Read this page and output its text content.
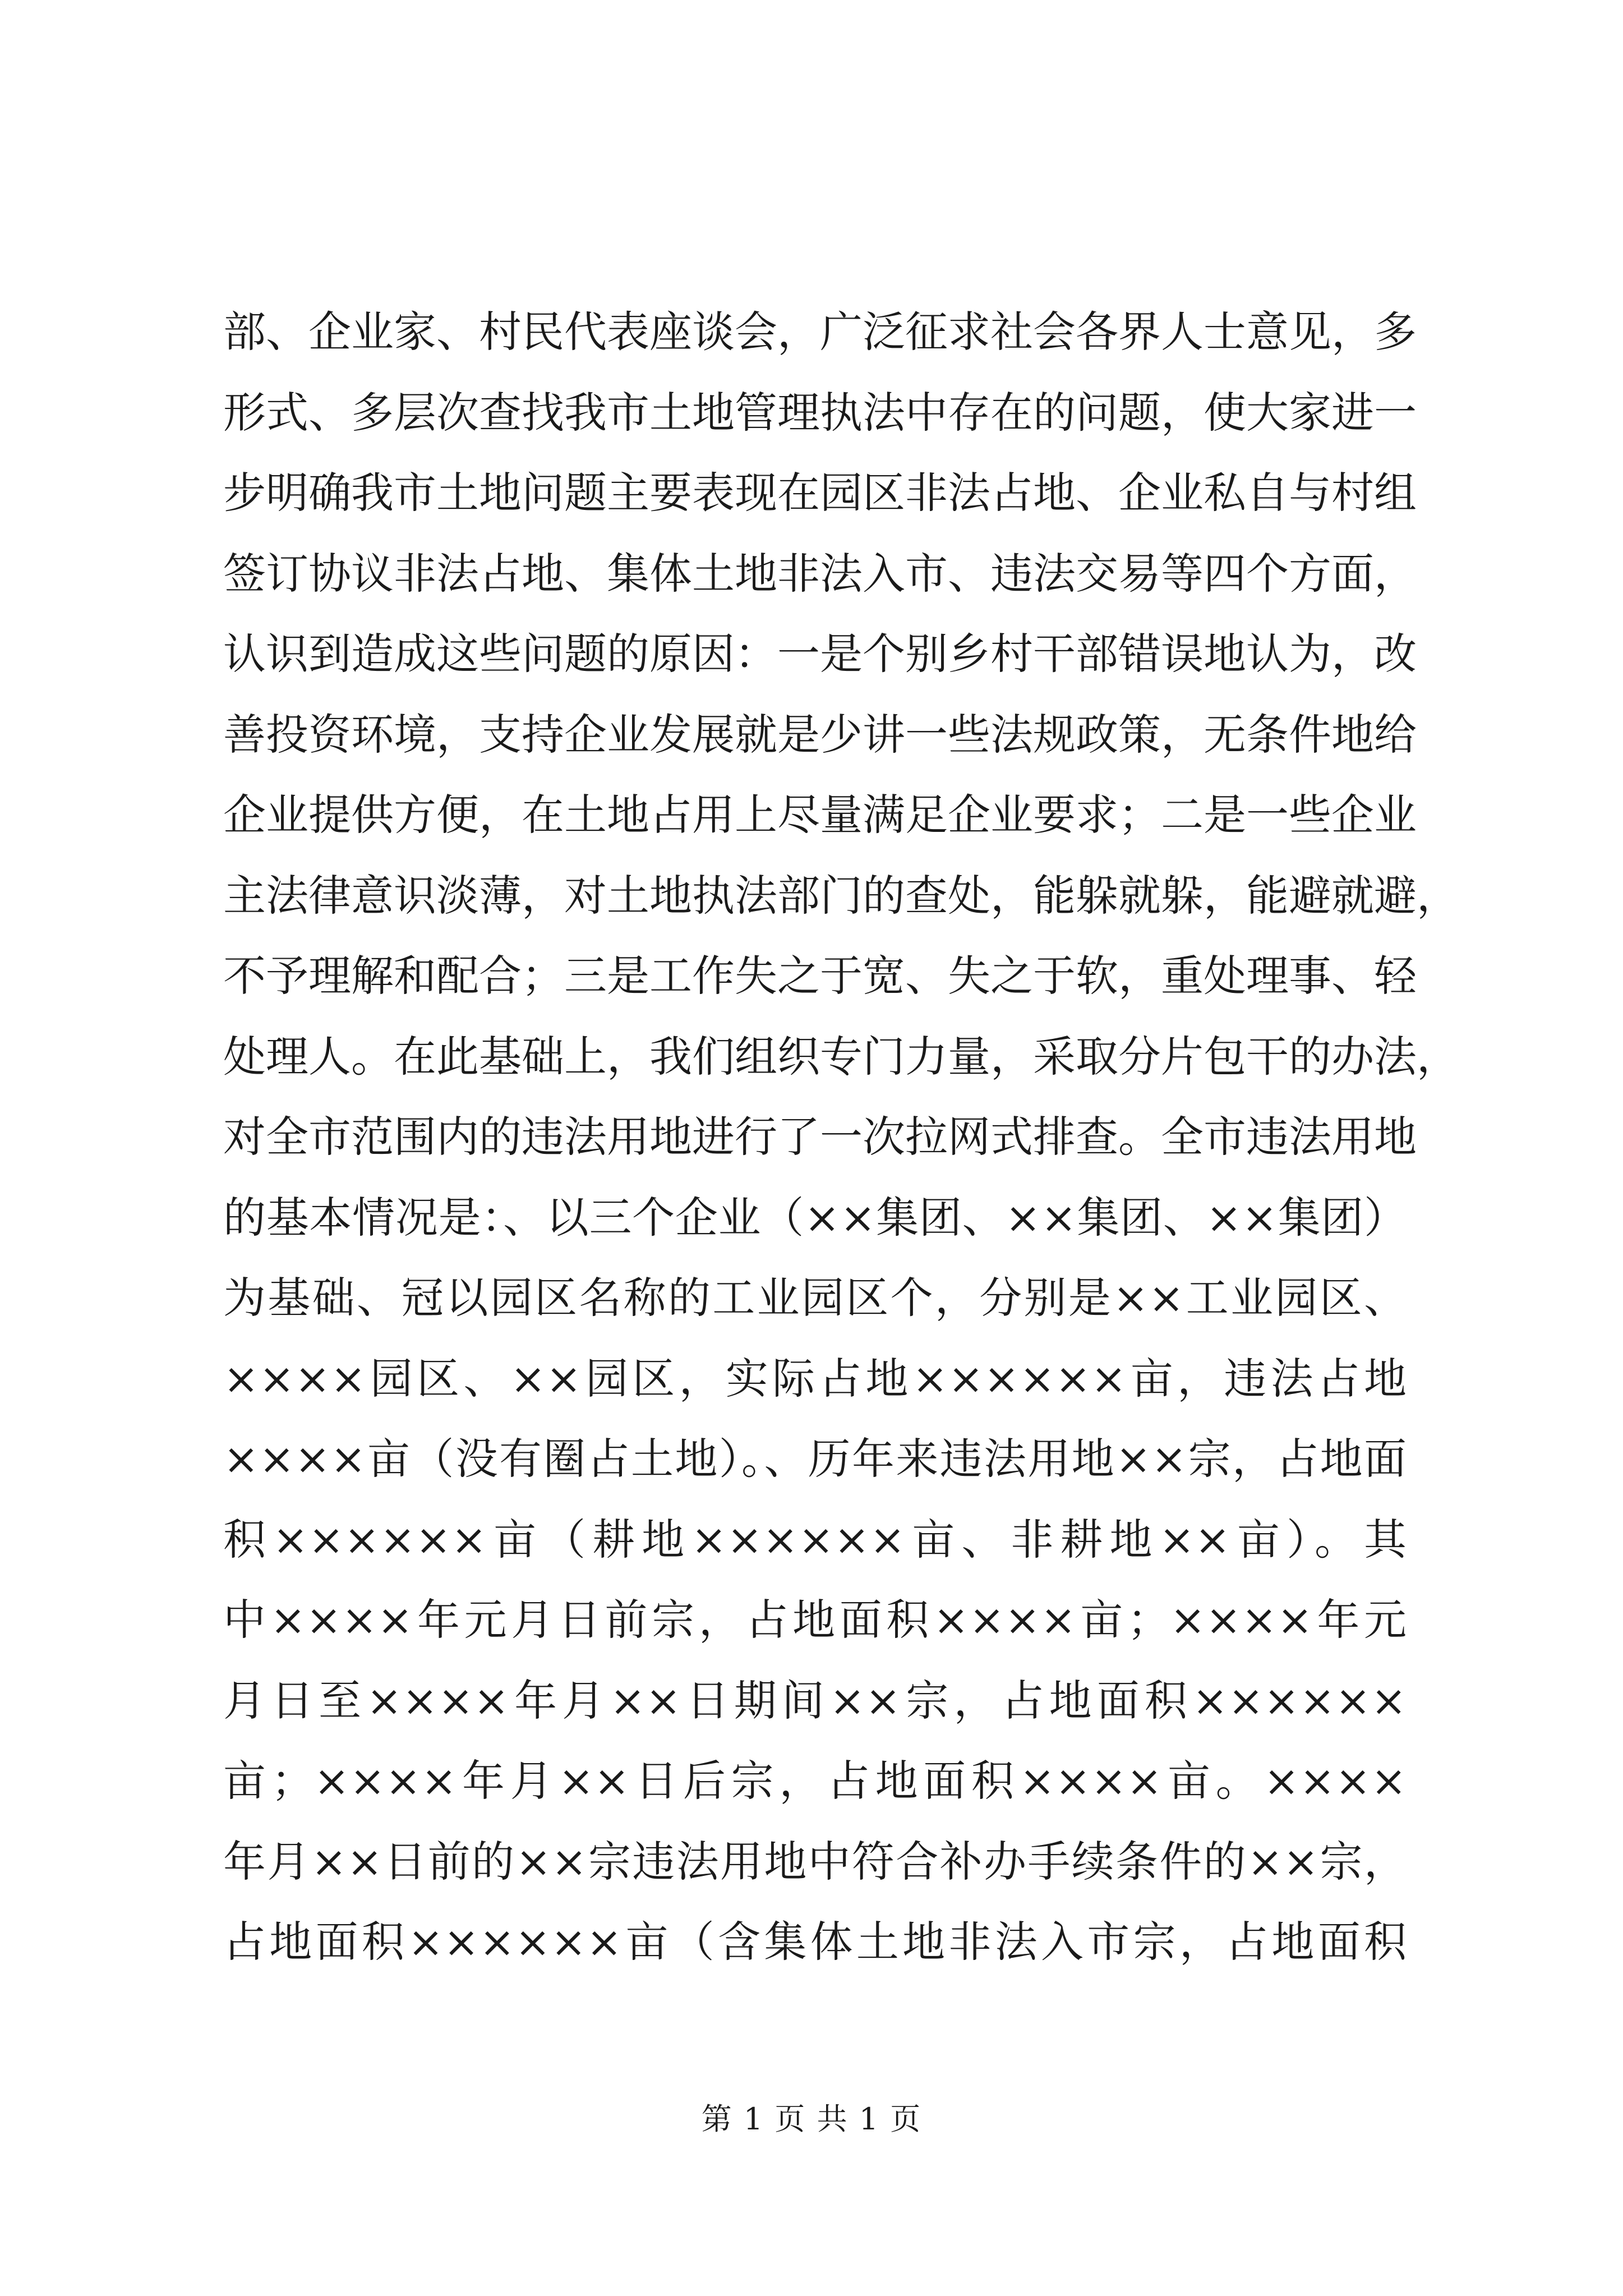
部、企业家、村民代表座谈会，广泛征求社会各界人士意见，多
形式、多层次查找我市土地管理执法中存在的问题，使大家进一
步明确我市土地问题主要表现在园区非法占地、企业私自与村组
签订协议非法占地、集体土地非法入市、违法交易等四个方面，
认识到造成这些问题的原因：一是个别乡村干部错误地认为，改
善投资环境，支持企业发展就是少讲一些法规政策，无条件地给
企业提供方便，在土地占用上尽量满足企业要求；二是一些企业
主法律意识淡薄，对土地执法部门的查处，能躲就躲，能避就避，
不予理解和配合；三是工作失之于宽、失之于软，重处理事、轻
处理人。在此基础上，我们组织专门力量，采取分片包干的办法，
对全市范围内的违法用地进行了一次拉网式排查。全市违法用地
的基本情况是：、以三个企业（××集团、××集团、××集团）
为基础、冠以园区名称的工业园区个，分别是××工业园区、
××××园区、××园区，实际占地××××××亩，违法占地
××××亩（没有圈占土地）。、历年来违法用地××宗，占地面
积××××××亩（耕地××××××亩、非耕地××亩）。其
中××××年元月日前宗，占地面积××××亩；××××年元
月日至××××年月××日期间××宗，占地面积××××××
亩；××××年月××日后宗，占地面积××××亩。××××
年月××日前的××宗违法用地中符合补办手续条件的××宗，
占地面积××××××亩（含集体土地非法入市宗，占地面积
第 1 页 共 1 页
